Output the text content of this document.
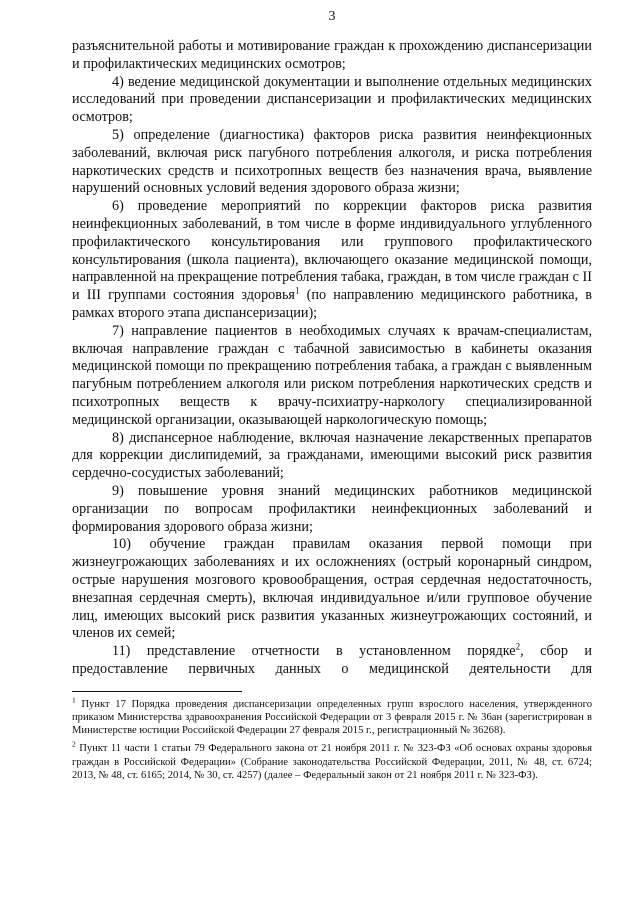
3

разъяснительной работы и мотивирование граждан к прохождению диспансеризации и профилактических медицинских осмотров;

4) ведение медицинской документации и выполнение отдельных медицинских исследований при проведении диспансеризации и профилактических медицинских осмотров;

5) определение (диагностика) факторов риска развития неинфекционных заболеваний, включая риск пагубного потребления алкоголя, и риска потребления наркотических средств и психотропных веществ без назначения врача, выявление нарушений основных условий ведения здорового образа жизни;

6) проведение мероприятий по коррекции факторов риска развития неинфекционных заболеваний, в том числе в форме индивидуального углубленного профилактического консультирования или группового профилактического консультирования (школа пациента), включающего оказание медицинской помощи, направленной на прекращение потребления табака, граждан, в том числе граждан с II и III группами состояния здоровья$^1$ (по направлению медицинского работника, в рамках второго этапа диспансеризации);

7) направление пациентов в необходимых случаях к врачам-специалистам, включая направление граждан с табачной зависимостью в кабинеты оказания медицинской помощи по прекращению потребления табака, а граждан с выявленным пагубным потреблением алкоголя или риском потребления наркотических средств и психотропных веществ к врачу-психиатру-наркологу специализированной медицинской организации, оказывающей наркологическую помощь;

8) диспансерное наблюдение, включая назначение лекарственных препаратов для коррекции дислипидемий, за гражданами, имеющими высокий риск развития сердечно-сосудистых заболеваний;

9) повышение уровня знаний медицинских работников медицинской организации по вопросам профилактики неинфекционных заболеваний и формирования здорового образа жизни;

10) обучение граждан правилам оказания первой помощи при жизнеугрожающих заболеваниях и их осложнениях (острый коронарный синдром, острые нарушения мозгового кровообращения, острая сердечная недостаточность, внезапная сердечная смерть), включая индивидуальное и/или групповое обучение лиц, имеющих высокий риск развития указанных жизнеугрожающих состояний, и членов их семей;

11) представление отчетности в установленном порядке$^2$, сбор и предоставление первичных данных о медицинской деятельности для

$^1$ Пункт 17 Порядка проведения диспансеризации определенных групп взрослого населения, утвержденного приказом Министерства здравоохранения Российской Федерации от 3 февраля 2015 г. № 36ан (зарегистрирован в Министерстве юстиции Российской Федерации 27 февраля 2015 г., регистрационный № 36268).

$^2$ Пункт 11 части 1 статьи 79 Федерального закона от 21 ноября 2011 г. № 323-ФЗ «Об основах охраны здоровья граждан в Российской Федерации» (Собрание законодательства Российской Федерации, 2011, № 48, ст. 6724; 2013, № 48, ст. 6165; 2014, № 30, ст. 4257) (далее – Федеральный закон от 21 ноября 2011 г. № 323-ФЗ).
